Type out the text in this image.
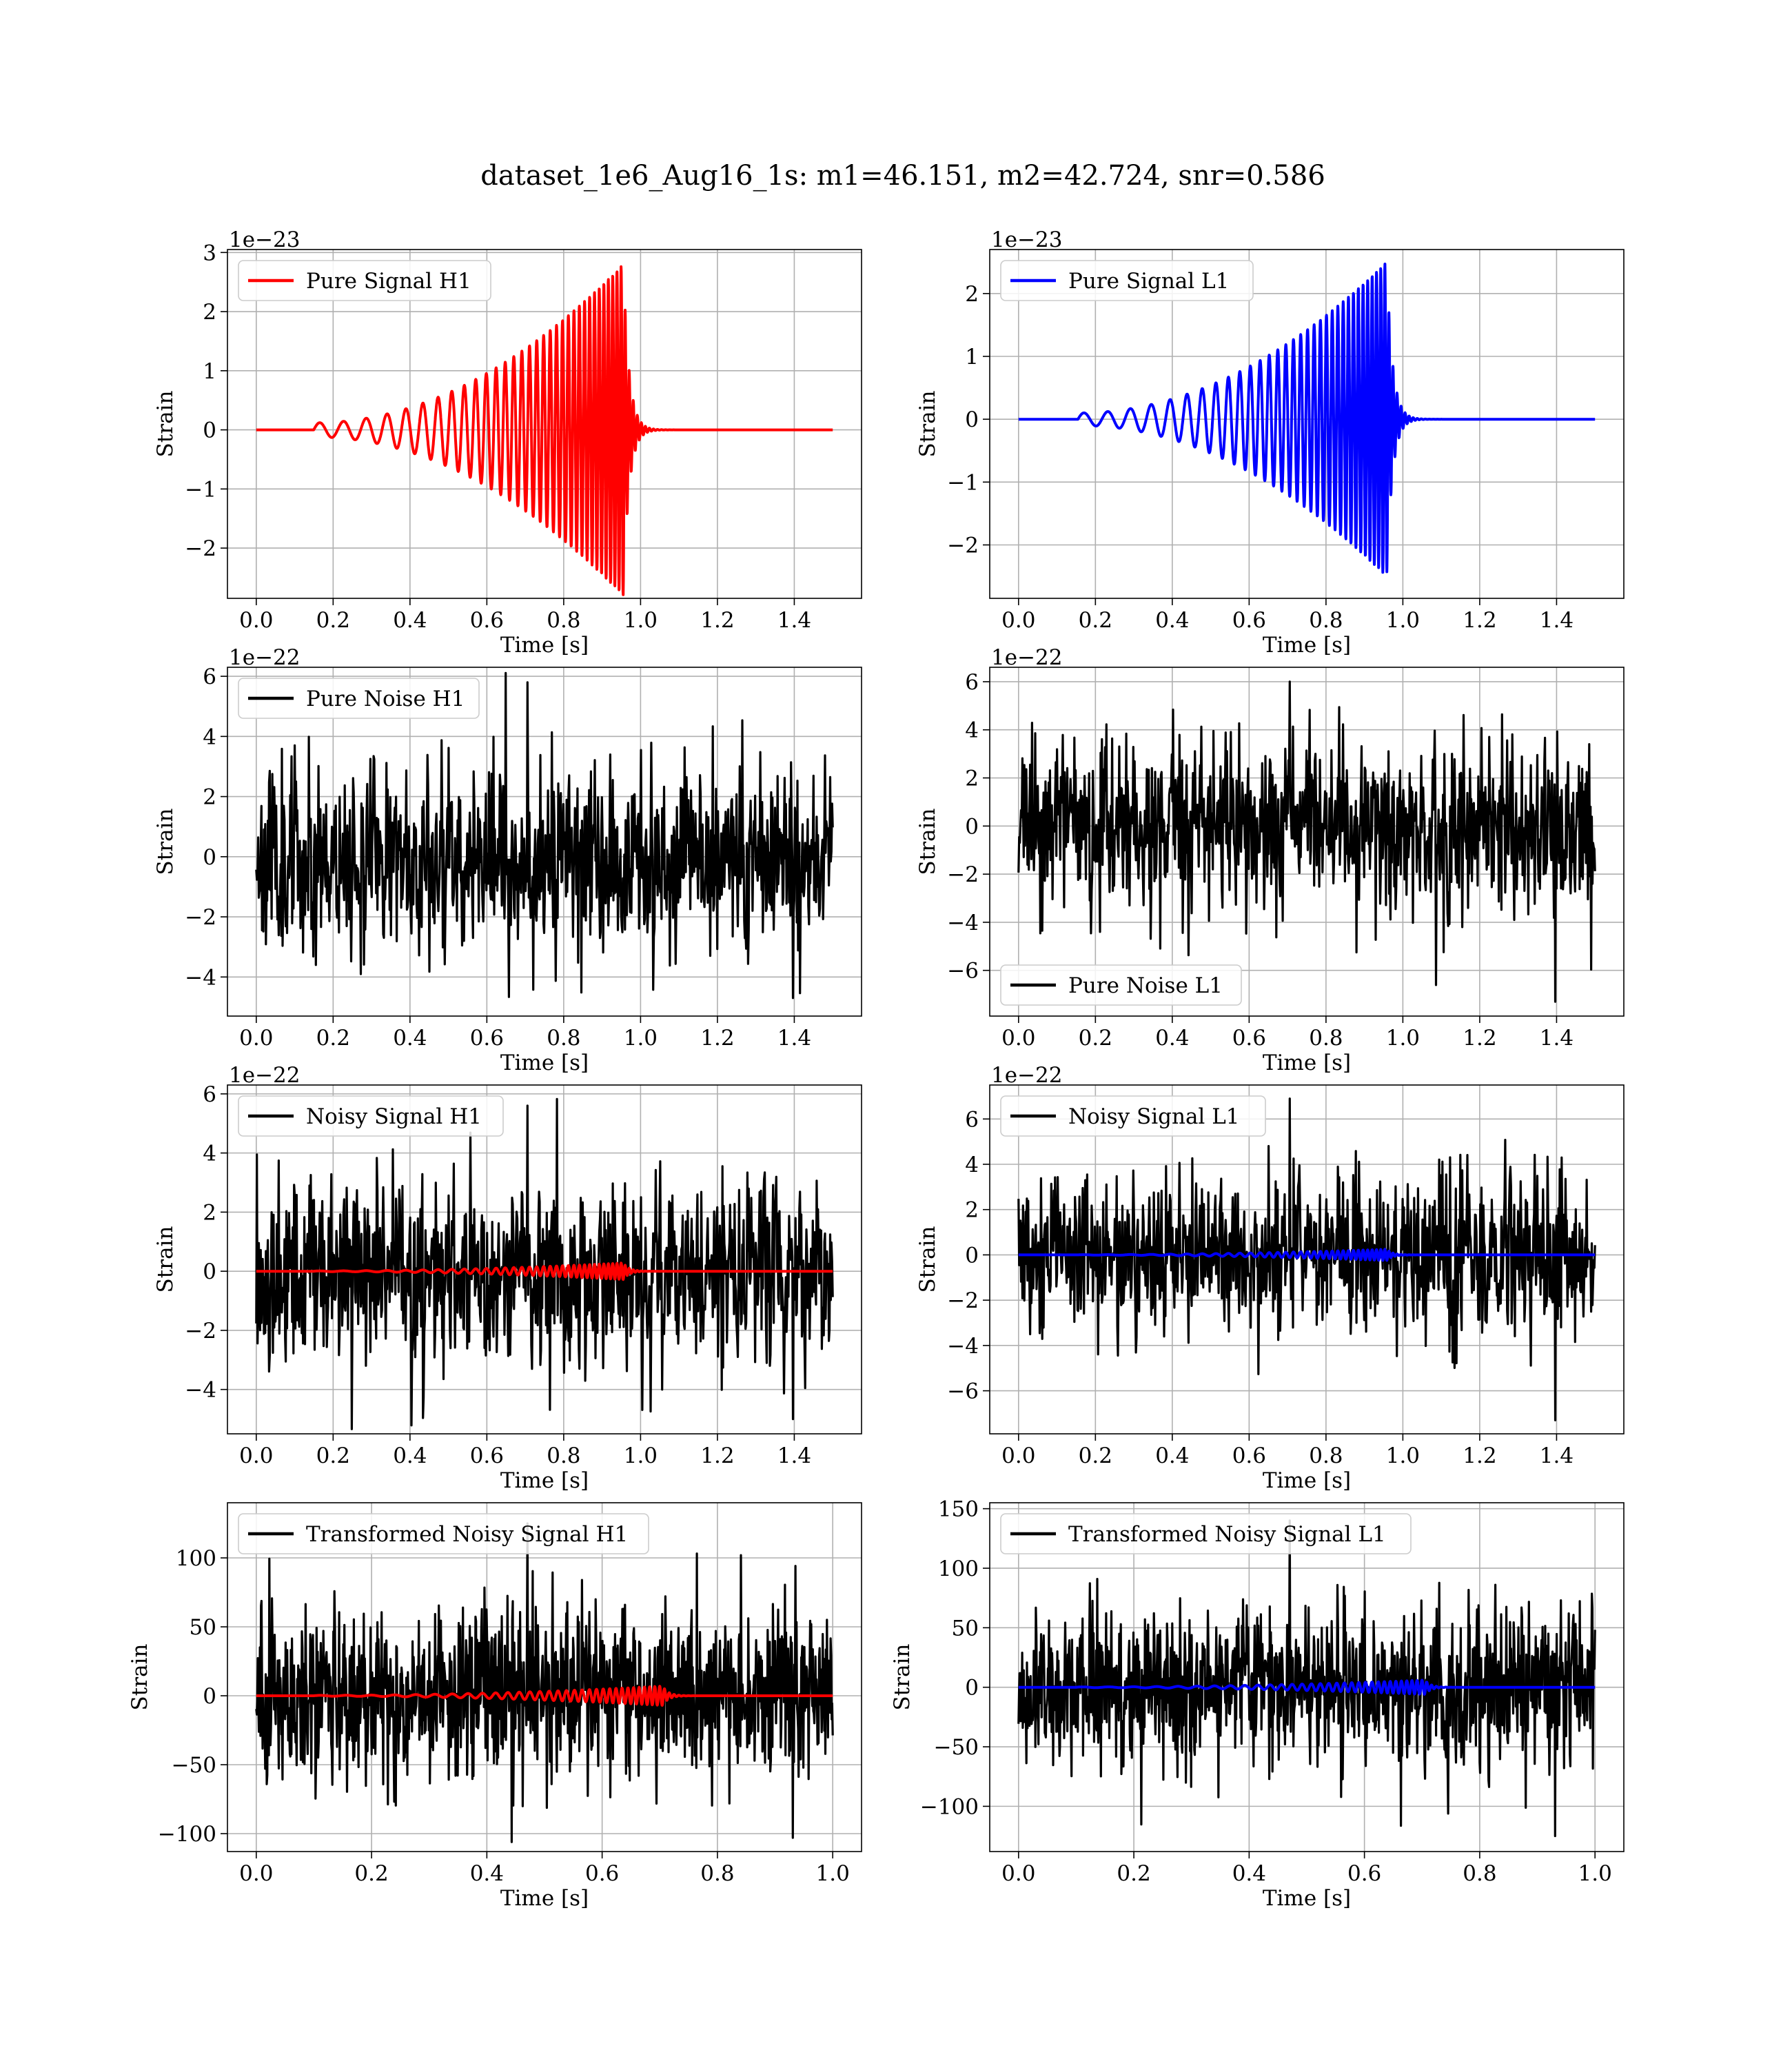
dataset_1e6_Aug16_1s: m1=46.151, m2=42.724, snr=0.586
0.0 0.2 0.4 0.6 0.8 1.0 1.2 1.4
−2
−1
0
1
2
3
Time [s]
Strain
1e−23
Pure Signal H1
0.0 0.2 0.4 0.6 0.8 1.0 1.2 1.4
−2
−1
0
1
2
Time [s]
Strain
1e−23
Pure Signal L1
0.0 0.2 0.4 0.6 0.8 1.0 1.2 1.4
−4
−2
0
2
4
6
Time [s]
Strain
1e−22
Pure Noise H1
0.0 0.2 0.4 0.6 0.8 1.0 1.2 1.4
−6
−4
−2
0
2
4
6
Time [s]
Strain
1e−22
Pure Noise L1
0.0 0.2 0.4 0.6 0.8 1.0 1.2 1.4
−4
−2
0
2
4
6
Time [s]
Strain
1e−22
Noisy Signal H1
0.0 0.2 0.4 0.6 0.8 1.0 1.2 1.4
−6
−4
−2
0
2
4
6
Time [s]
Strain
1e−22
Noisy Signal L1
0.0	0.2	0.4	0.6	0.8	1.0
−100
−50
0
50
100
Time [s]
Strain
Transformed Noisy Signal H1
0.0	0.2	0.4	0.6	0.8	1.0
−100
−50
0
50
100
150
Time [s]
Strain
Transformed Noisy Signal L1
